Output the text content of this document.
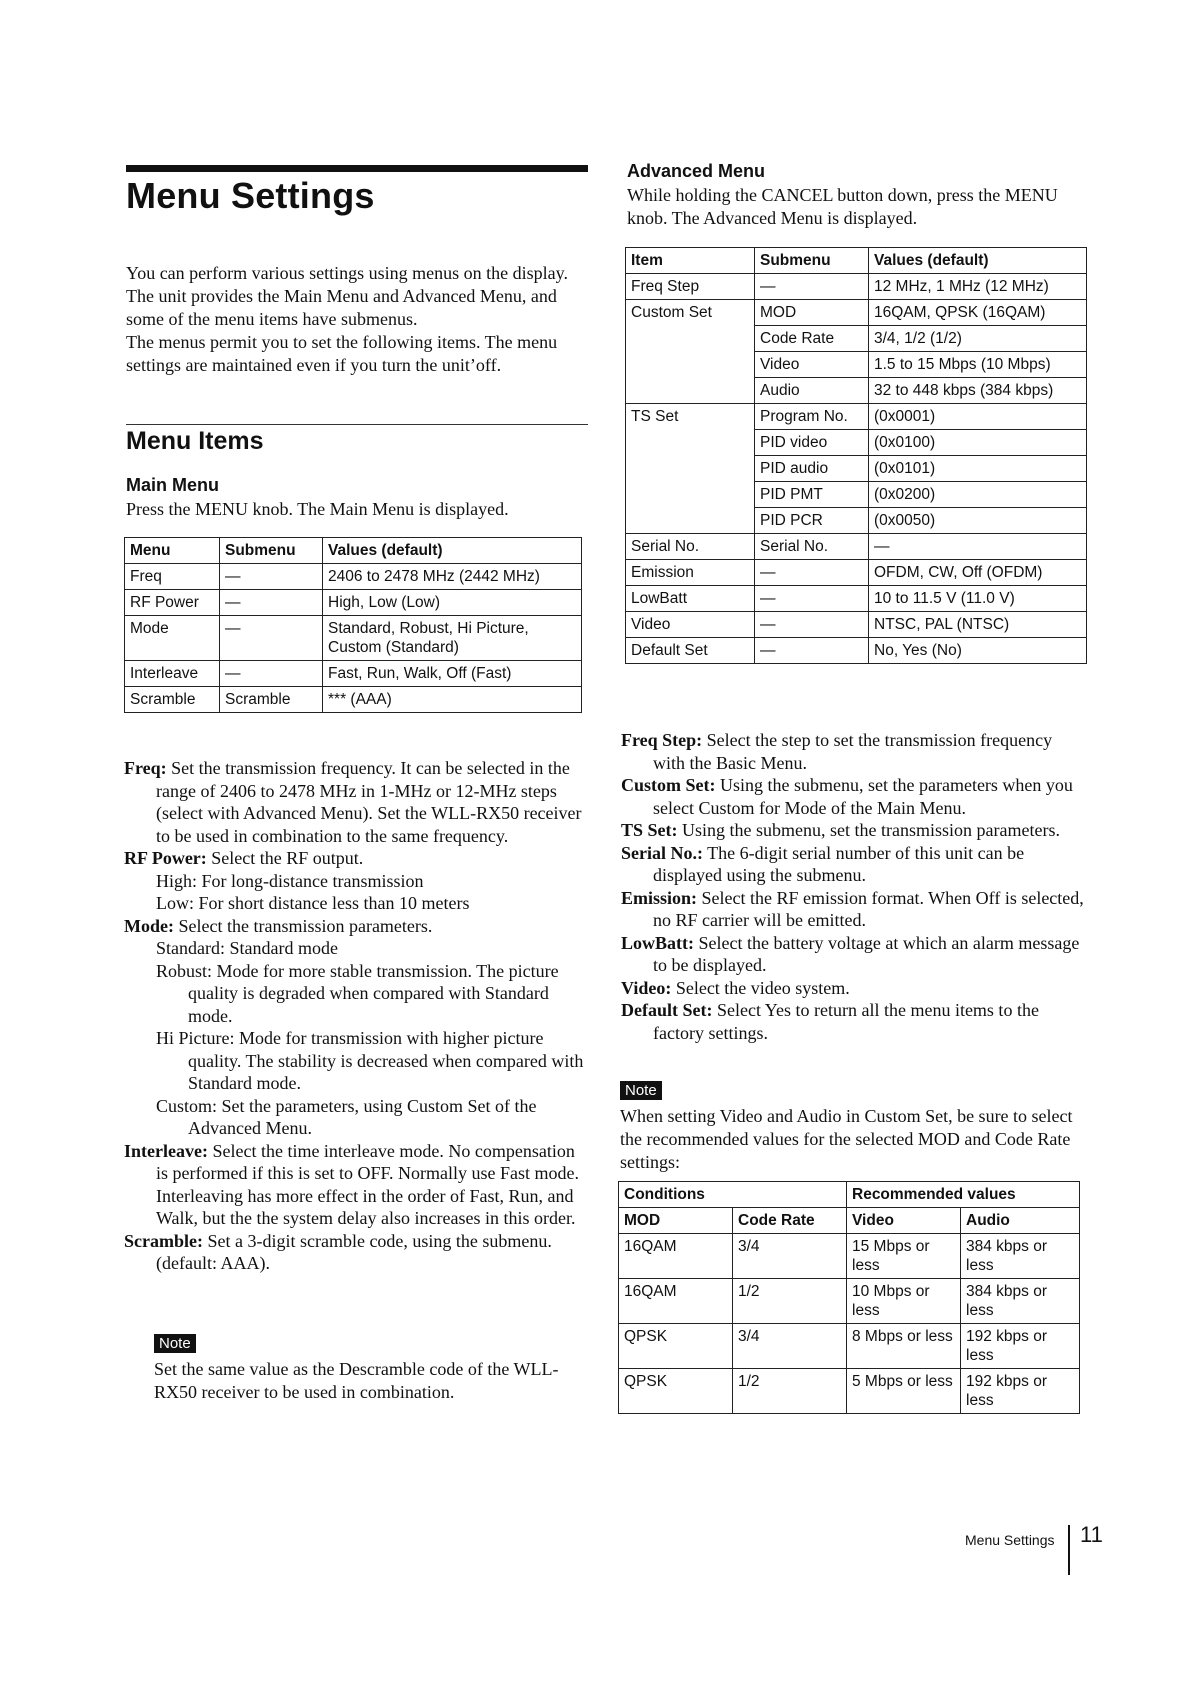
Menu Settings

You can perform various settings using menus on the display.

The unit provides the Main Menu and Advanced Menu, and some of the menu items have submenus.

The menus permit you to set the following items. The menu settings are maintained even if you turn the unit’off.

Menu Items
Main Menu
Press the MENU knob. The Main Menu is displayed.
Menu	Submenu	Values (default)
Freq	—	2406 to 2478 MHz (2442 MHz)
RF Power	—	High, Low (Low)
Mode	—	Standard, Robust, Hi Picture, Custom (Standard)
Interleave	—	Fast, Run, Walk, Off (Fast)
Scramble	Scramble	*** (AAA)

Freq: Set the transmission frequency. It can be selected in the range of 2406 to 2478 MHz in 1-MHz or 12-MHz steps (select with Advanced Menu). Set the WLL-RX50 receiver to be used in combination to the same frequency.

RF Power: Select the RF output.

High: For long-distance transmission

Low: For short distance less than 10 meters

Mode: Select the transmission parameters.

Standard: Standard mode

Robust: Mode for more stable transmission. The picture quality is degraded when compared with Standard mode.

Hi Picture: Mode for transmission with higher picture quality. The stability is decreased when compared with Standard mode.

Custom: Set the parameters, using Custom Set of the Advanced Menu.

Interleave: Select the time interleave mode. No compensation is performed if this is set to OFF. Normally use Fast mode. Interleaving has more effect in the order of Fast, Run, and Walk, but the the system delay also increases in this order.

Scramble: Set a 3-digit scramble code, using the submenu. (default: AAA).

Note
Set the same value as the Descramble code of the WLL-RX50 receiver to be used in combination.
Advanced Menu
While holding the CANCEL button down, press the MENU knob. The Advanced Menu is displayed.
Item	Submenu	Values (default)
Freq Step	—	12 MHz, 1 MHz (12 MHz)
Custom Set	MOD	16QAM, QPSK (16QAM)
	Code Rate	3/4, 1/2 (1/2)
	Video	1.5 to 15 Mbps (10 Mbps)
	Audio	32 to 448 kbps (384 kbps)
TS Set	Program No.	(0x0001)
	PID video	(0x0100)
	PID audio	(0x0101)
	PID PMT	(0x0200)
	PID PCR	(0x0050)
Serial No.	Serial No.	—
Emission	—	OFDM, CW, Off (OFDM)
LowBatt	—	10 to 11.5 V (11.0 V)
Video	—	NTSC, PAL (NTSC)
Default Set	—	No, Yes (No)

Freq Step: Select the step to set the transmission frequency with the Basic Menu.

Custom Set: Using the submenu, set the parameters when you select Custom for Mode of the Main Menu.

TS Set: Using the submenu, set the transmission parameters.

Serial No.: The 6-digit serial number of this unit can be displayed using the submenu.

Emission: Select the RF emission format. When Off is selected, no RF carrier will be emitted.

LowBatt: Select the battery voltage at which an alarm message to be displayed.

Video: Select the video system.

Default Set: Select Yes to return all the menu items to the factory settings.

Note
When setting Video and Audio in Custom Set, be sure to select the recommended values for the selected MOD and Code Rate settings:
Conditions		Recommended values	
MOD	Code Rate	Video	Audio
16QAM	3/4	15 Mbps or less	384 kbps or less
16QAM	1/2	10 Mbps or less	384 kbps or less
QPSK	3/4	8 Mbps or less	192 kbps or less
QPSK	1/2	5 Mbps or less	192 kbps or less
Menu Settings 11
